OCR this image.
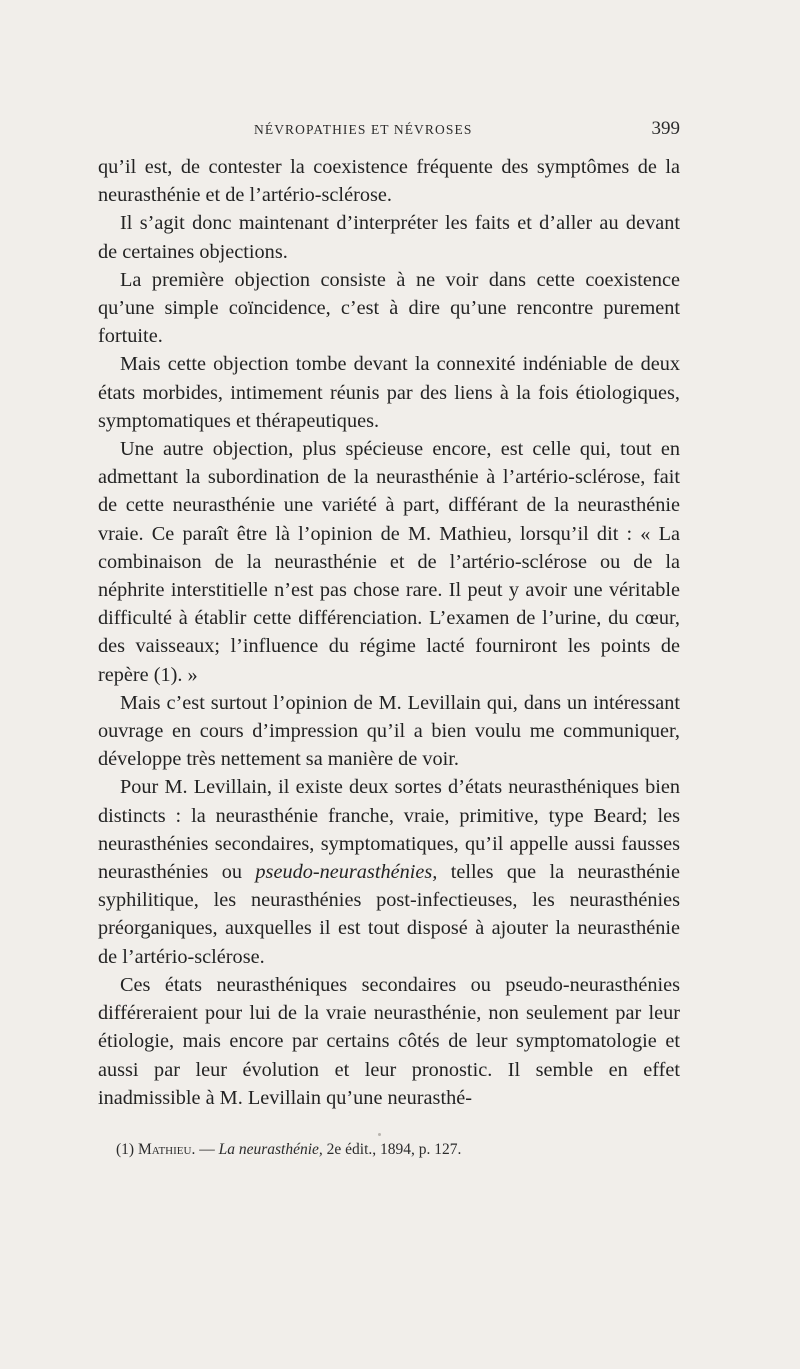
NÉVROPATHIES ET NÉVROSES	399

qu’il est, de contester la coexistence fréquente des symptômes de la neurasthénie et de l’artério-sclérose.

Il s’agit donc maintenant d’interpréter les faits et d’aller au devant de certaines objections.

La première objection consiste à ne voir dans cette coexistence qu’une simple coïncidence, c’est à dire qu’une rencontre purement fortuite.

Mais cette objection tombe devant la connexité indéniable de deux états morbides, intimement réunis par des liens à la fois étiologiques, symptomatiques et thérapeutiques.

Une autre objection, plus spécieuse encore, est celle qui, tout en admettant la subordination de la neurasthénie à l’artério-sclérose, fait de cette neurasthénie une variété à part, différant de la neurasthénie vraie. Ce paraît être là l’opinion de M. Mathieu, lorsqu’il dit : « La combinaison de la neurasthénie et de l’artério-sclérose ou de la néphrite interstitielle n’est pas chose rare. Il peut y avoir une véritable difficulté à établir cette différenciation. L’examen de l’urine, du cœur, des vaisseaux; l’influence du régime lacté fourniront les points de repère (1). »

Mais c’est surtout l’opinion de M. Levillain qui, dans un intéressant ouvrage en cours d’impression qu’il a bien voulu me communiquer, développe très nettement sa manière de voir.

Pour M. Levillain, il existe deux sortes d’états neurasthéniques bien distincts : la neurasthénie franche, vraie, primitive, type Beard; les neurasthénies secondaires, symptomatiques, qu’il appelle aussi fausses neurasthénies ou pseudo-neurasthénies, telles que la neurasthénie syphilitique, les neurasthénies post-infectieuses, les neurasthénies préorganiques, auxquelles il est tout disposé à ajouter la neurasthénie de l’artério-sclérose.

Ces états neurasthéniques secondaires ou pseudo-neurasthénies différeraient pour lui de la vraie neurasthénie, non seulement par leur étiologie, mais encore par certains côtés de leur symptomatologie et aussi par leur évolution et leur pronostic. Il semble en effet inadmissible à M. Levillain qu’une neurasthé-

(1) Mathieu. — La neurasthénie, 2e édit., 1894, p. 127.
